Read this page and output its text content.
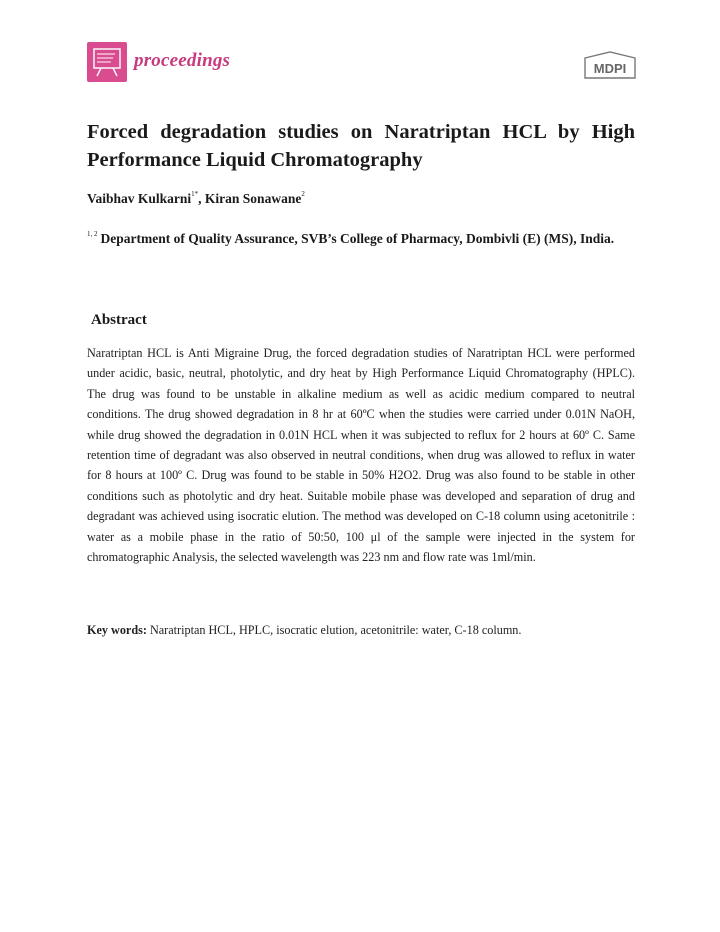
proceedings	MDPI
Forced degradation studies on Naratriptan HCL by High Performance Liquid Chromatography
Vaibhav Kulkarni$^{1*}$, Kiran Sonawane$^2$
$^{1, 2}$ Department of Quality Assurance, SVB’s College of Pharmacy, Dombivli (E) (MS), India.
Abstract

Naratriptan HCL is Anti Migraine Drug, the forced degradation studies of Naratriptan HCL were performed under acidic, basic, neutral, photolytic, and dry heat by High Performance Liquid Chromatography (HPLC). The drug was found to be unstable in alkaline medium as well as acidic medium compared to neutral conditions. The drug showed degradation in 8 hr at 60ºC when the studies were carried under 0.01N NaOH, while drug showed the degradation in 0.01N HCL when it was subjected to reflux for 2 hours at 60º C. Same retention time of degradant was also observed in neutral conditions, when drug was allowed to reflux in water for 8 hours at 100º C. Drug was found to be stable in 50% H2O2. Drug was also found to be stable in other conditions such as photolytic and dry heat. Suitable mobile phase was developed and separation of drug and degradant was achieved using isocratic elution. The method was developed on C-18 column using acetonitrile : water as a mobile phase in the ratio of 50:50, 100 μl of the sample were injected in the system for chromatographic Analysis, the selected wavelength was 223 nm and flow rate was 1ml/min.

Key words: Naratriptan HCL, HPLC, isocratic elution, acetonitrile: water, C-18 column.
